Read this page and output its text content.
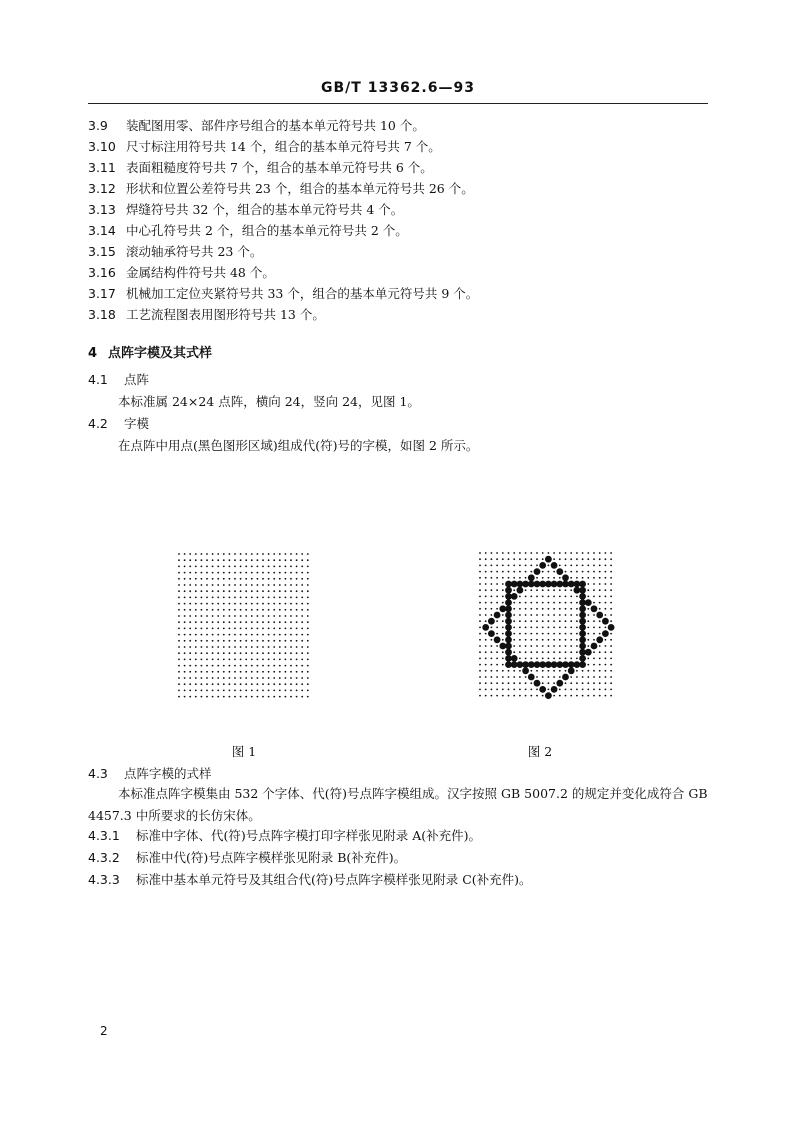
GB/T 13362.6—93
3.9 装配图用零、部件序号组合的基本单元符号共 10 个。
3.10 尺寸标注用符号共 14 个，组合的基本单元符号共 7 个。
3.11 表面粗糙度符号共 7 个，组合的基本单元符号共 6 个。
3.12 形状和位置公差符号共 23 个，组合的基本单元符号共 26 个。
3.13 焊缝符号共 32 个，组合的基本单元符号共 4 个。
3.14 中心孔符号共 2 个，组合的基本单元符号共 2 个。
3.15 滚动轴承符号共 23 个。
3.16 金属结构件符号共 48 个。
3.17 机械加工定位夹紧符号共 33 个，组合的基本单元符号共 9 个。
3.18 工艺流程图表用图形符号共 13 个。
4 点阵字模及其式样
4.1 点阵
本标准属 24×24 点阵，横向 24，竖向 24，见图 1。
4.2 字模
在点阵中用点(黑色图形区域)组成代(符)号的字模，如图 2 所示。
图 1	图 2
4.3 点阵字模的式样
本标准点阵字模集由 532 个字体、代(符)号点阵字模组成。汉字按照 GB 5007.2 的规定并变化成符合 GB 4457.3 中所要求的长仿宋体。
4.3.1 标准中字体、代(符)号点阵字模打印字样张见附录 A(补充件)。
4.3.2 标准中代(符)号点阵字模样张见附录 B(补充件)。
4.3.3 标准中基本单元符号及其组合代(符)号点阵字模样张见附录 C(补充件)。
2
